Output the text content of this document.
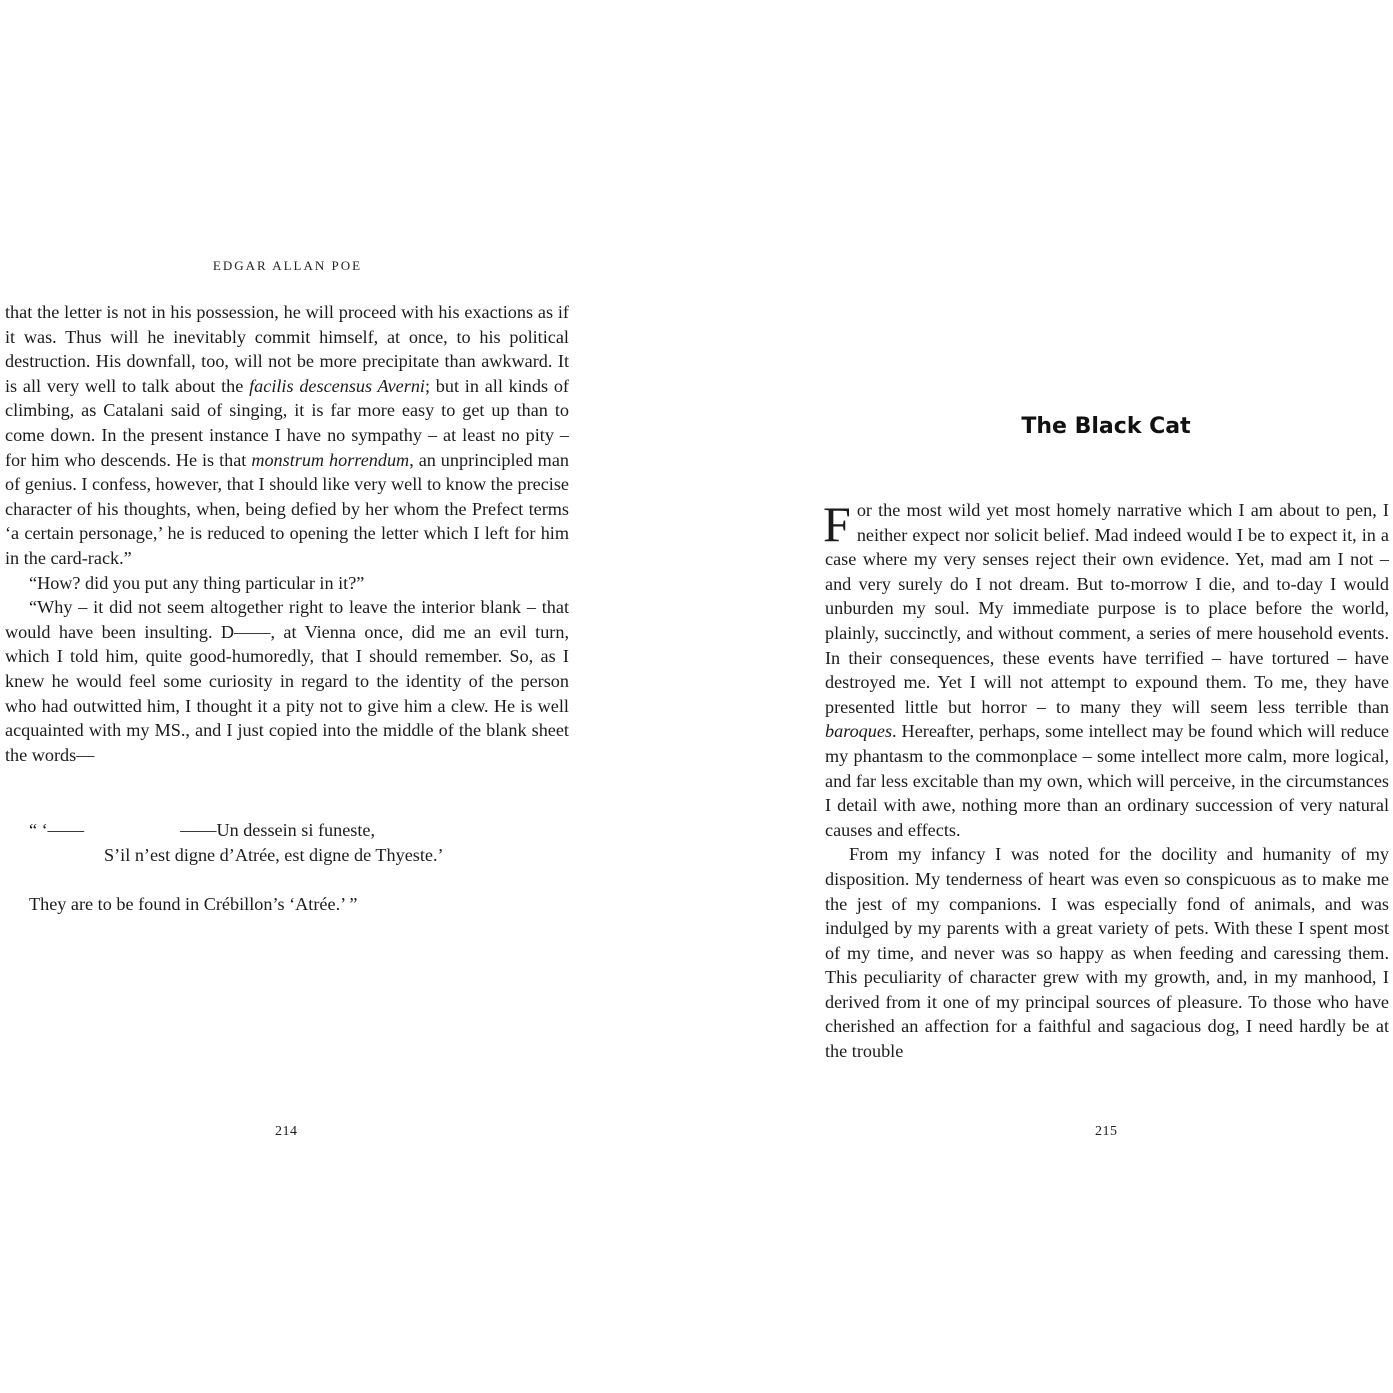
EDGAR ALLAN POE

that the letter is not in his possession, he will proceed with his exactions as if it was. Thus will he inevitably commit himself, at once, to his political destruction. His downfall, too, will not be more precipitate than awkward. It is all very well to talk about the facilis descensus Averni; but in all kinds of climbing, as Catalani said of singing, it is far more easy to get up than to come down. In the present instance I have no sympathy – at least no pity – for him who descends. He is that monstrum horrendum, an unprincipled man of genius. I confess, however, that I should like very well to know the precise character of his thoughts, when, being defied by her whom the Prefect terms ‘a certain personage,’ he is reduced to opening the letter which I left for him in the card-rack.”

“How? did you put any thing particular in it?”

“Why – it did not seem altogether right to leave the interior blank – that would have been insulting. D——, at Vienna once, did me an evil turn, which I told him, quite good-humoredly, that I should remember. So, as I knew he would feel some curiosity in regard to the identity of the person who had outwitted him, I thought it a pity not to give him a clew. He is well acquainted with my MS., and I just copied into the middle of the blank sheet the words—

“ ‘——	——Un dessein si funeste,
S’il n’est digne d’Atrée, est digne de Thyeste.’
They are to be found in Crébillon’s ‘Atrée.’ ”
214
The Black Cat

For the most wild yet most homely narrative which I am about to pen, I neither expect nor solicit belief. Mad indeed would I be to expect it, in a case where my very senses reject their own evidence. Yet, mad am I not – and very surely do I not dream. But to-morrow I die, and to-day I would unburden my soul. My immediate purpose is to place before the world, plainly, succinctly, and without comment, a series of mere household events. In their consequences, these events have terrified – have tortured – have destroyed me. Yet I will not attempt to expound them. To me, they have presented little but horror – to many they will seem less terrible than baroques. Hereafter, perhaps, some intellect may be found which will reduce my phantasm to the commonplace – some intellect more calm, more logical, and far less excitable than my own, which will perceive, in the circumstances I detail with awe, nothing more than an ordinary succession of very natural causes and effects.

From my infancy I was noted for the docility and humanity of my disposition. My tenderness of heart was even so conspicuous as to make me the jest of my companions. I was especially fond of animals, and was indulged by my parents with a great variety of pets. With these I spent most of my time, and never was so happy as when feeding and caressing them. This peculiarity of character grew with my growth, and, in my manhood, I derived from it one of my principal sources of pleasure. To those who have cherished an affection for a faithful and sagacious dog, I need hardly be at the trouble

215
